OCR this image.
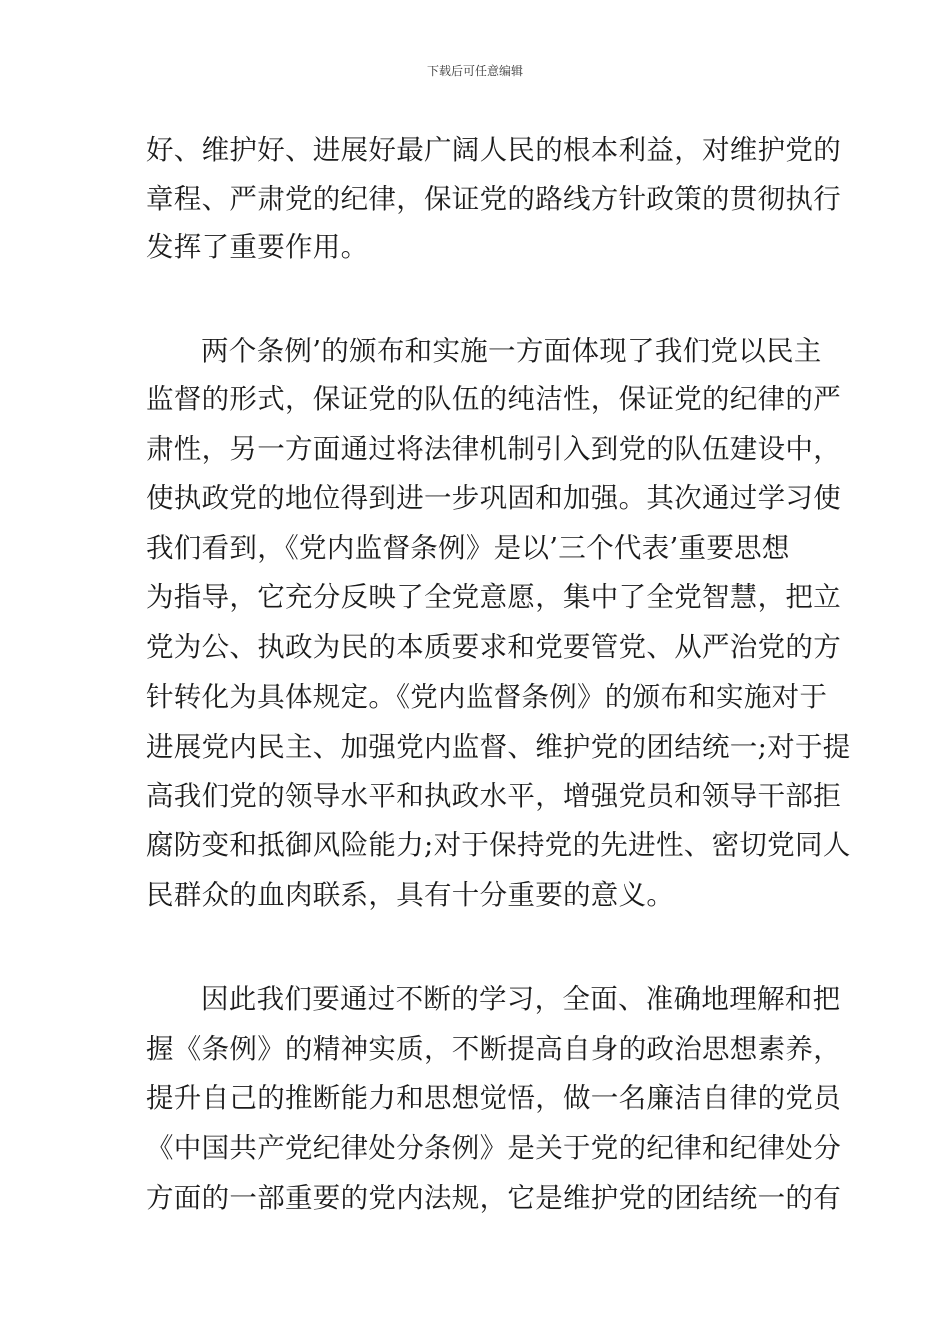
下载后可任意编辑
好、维护好、进展好最广阔人民的根本利益，对维护党的
章程、严肃党的纪律，保证党的路线方针政策的贯彻执行
发挥了重要作用。
两个条例’的颁布和实施一方面体现了我们党以民主
监督的形式，保证党的队伍的纯洁性，保证党的纪律的严
肃性，另一方面通过将法律机制引入到党的队伍建设中，
使执政党的地位得到进一步巩固和加强。其次通过学习使
我们看到，《党内监督条例》是以’三个代表’重要思想
为指导，它充分反映了全党意愿，集中了全党智慧，把立
党为公、执政为民的本质要求和党要管党、从严治党的方
针转化为具体规定。《党内监督条例》的颁布和实施对于
进展党内民主、加强党内监督、维护党的团结统一;对于提
高我们党的领导水平和执政水平，增强党员和领导干部拒
腐防变和抵御风险能力;对于保持党的先进性、密切党同人
民群众的血肉联系，具有十分重要的意义。
因此我们要通过不断的学习，全面、准确地理解和把
握《条例》的精神实质，不断提高自身的政治思想素养，
提升自己的推断能力和思想觉悟，做一名廉洁自律的党员
《中国共产党纪律处分条例》是关于党的纪律和纪律处分
方面的一部重要的党内法规，它是维护党的团结统一的有
